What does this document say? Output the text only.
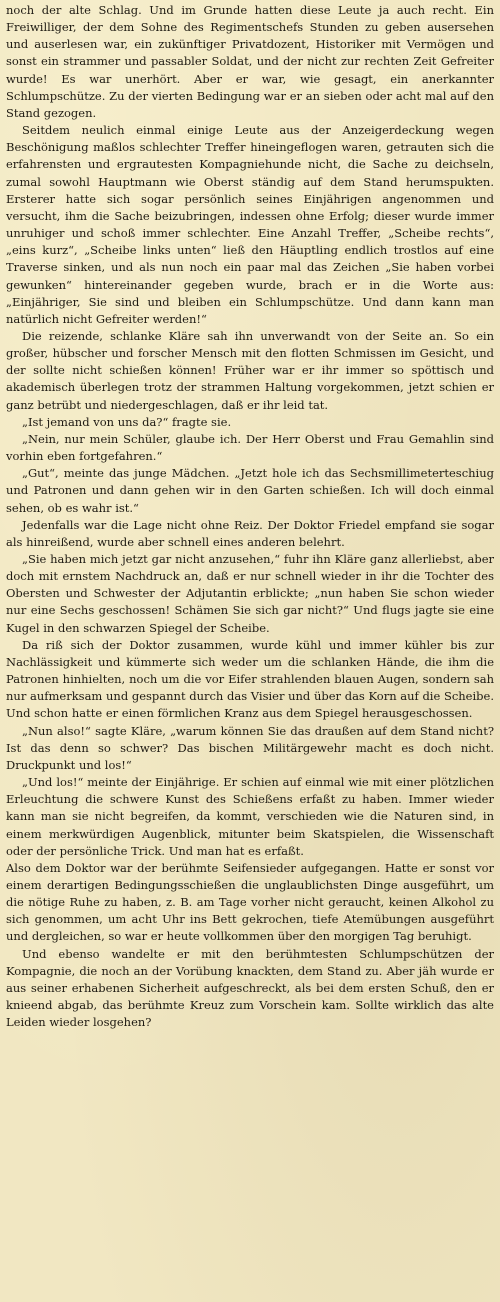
noch der alte Schlag. Und im Grunde hatten diese Leute ja auch recht. Ein Freiwilliger, der dem Sohne des Regimentschefs Stunden zu geben ausersehen und auserlesen war, ein zukünftiger Privatdozent, Historiker mit Vermögen und sonst ein strammer und passabler Soldat, und der nicht zur rechten Zeit Gefreiter wurde! Es war unerhört. Aber er war, wie gesagt, ein anerkannter Schlumpschütze. Zu der vierten Bedingung war er an sieben oder acht mal auf den Stand gezogen.

Seitdem neulich einmal einige Leute aus der Anzeigerdeckung wegen Beschönigung maßlos schlechter Treffer hineingeflogen waren, getrauten sich die erfahrensten und ergrautesten Kompagniehunde nicht, die Sache zu deichseln, zumal sowohl Hauptmann wie Oberst ständig auf dem Stand herumspukten. Ersterer hatte sich sogar persönlich seines Einjährigen angenommen und versucht, ihm die Sache beizubringen, indessen ohne Erfolg; dieser wurde immer unruhiger und schoß immer schlechter. Eine Anzahl Treffer, „Scheibe rechts“, „eins kurz“, „Scheibe links unten“ ließ den Häuptling endlich trostlos auf eine Traverse sinken, und als nun noch ein paar mal das Zeichen „Sie haben vorbei gewunken“ hintereinander gegeben wurde, brach er in die Worte aus: „Einjähriger, Sie sind und bleiben ein Schlumpschütze. Und dann kann man natürlich nicht Gefreiter werden!“

Die reizende, schlanke Kläre sah ihn unverwandt von der Seite an. So ein großer, hübscher und forscher Mensch mit den flotten Schmissen im Gesicht, und der sollte nicht schießen können! Früher war er ihr immer so spöttisch und akademisch überlegen trotz der strammen Haltung vorgekommen, jetzt schien er ganz betrübt und niedergeschlagen, daß er ihr leid tat.

„Ist jemand von uns da?“ fragte sie.

„Nein, nur mein Schüler, glaube ich. Der Herr Oberst und Frau Gemahlin sind vorhin eben fortgefahren.“

„Gut“, meinte das junge Mädchen. „Jetzt hole ich das Sechsmillimeterteschiug und Patronen und dann gehen wir in den Garten schießen. Ich will doch einmal sehen, ob es wahr ist.“

Jedenfalls war die Lage nicht ohne Reiz. Der Doktor Friedel empfand sie sogar als hinreißend, wurde aber schnell eines anderen belehrt.

„Sie haben mich jetzt gar nicht anzusehen,“ fuhr ihn Kläre ganz allerliebst, aber doch mit ernstem Nachdruck an, daß er nur schnell wieder in ihr die Tochter des Obersten und Schwester der Adjutantin erblickte; „nun haben Sie schon wieder nur eine Sechs geschossen! Schämen Sie sich gar nicht?“ Und flugs jagte sie eine Kugel in den schwarzen Spiegel der Scheibe.

Da riß sich der Doktor zusammen, wurde kühl und immer kühler bis zur Nachlässigkeit und kümmerte sich weder um die schlanken Hände, die ihm die Patronen hinhielten, noch um die vor Eifer strahlenden blauen Augen, sondern sah nur aufmerksam und gespannt durch das Visier und über das Korn auf die Scheibe. Und schon hatte er einen förmlichen Kranz aus dem Spiegel herausgeschossen.

„Nun also!“ sagte Kläre, „warum können Sie das draußen auf dem Stand nicht? Ist das denn so schwer? Das bischen Militärgewehr macht es doch nicht. Druckpunkt und los!“

„Und los!“ meinte der Einjährige. Er schien auf einmal wie mit einer plötzlichen Erleuchtung die schwere Kunst des Schießens erfaßt zu haben. Immer wieder kann man sie nicht begreifen, da kommt, verschieden wie die Naturen sind, in einem merkwürdigen Augenblick, mitunter beim Skatspielen, die Wissenschaft oder der persönliche Trick. Und man hat es erfaßt.

Also dem Doktor war der berühmte Seifensieder aufgegangen. Hatte er sonst vor einem derartigen Bedingungsschießen die unglaublichsten Dinge ausgeführt, um die nötige Ruhe zu haben, z. B. am Tage vorher nicht geraucht, keinen Alkohol zu sich genommen, um acht Uhr ins Bett gekrochen, tiefe Atemübungen ausgeführt und dergleichen, so war er heute vollkommen über den morgigen Tag beruhigt.

Und ebenso wandelte er mit den berühmtesten Schlumpschützen der Kompagnie, die noch an der Vorübung knackten, dem Stand zu. Aber jäh wurde er aus seiner erhabenen Sicherheit aufgeschreckt, als bei dem ersten Schuß, den er knieend abgab, das berühmte Kreuz zum Vorschein kam. Sollte wirklich das alte Leiden wieder losgehen?
